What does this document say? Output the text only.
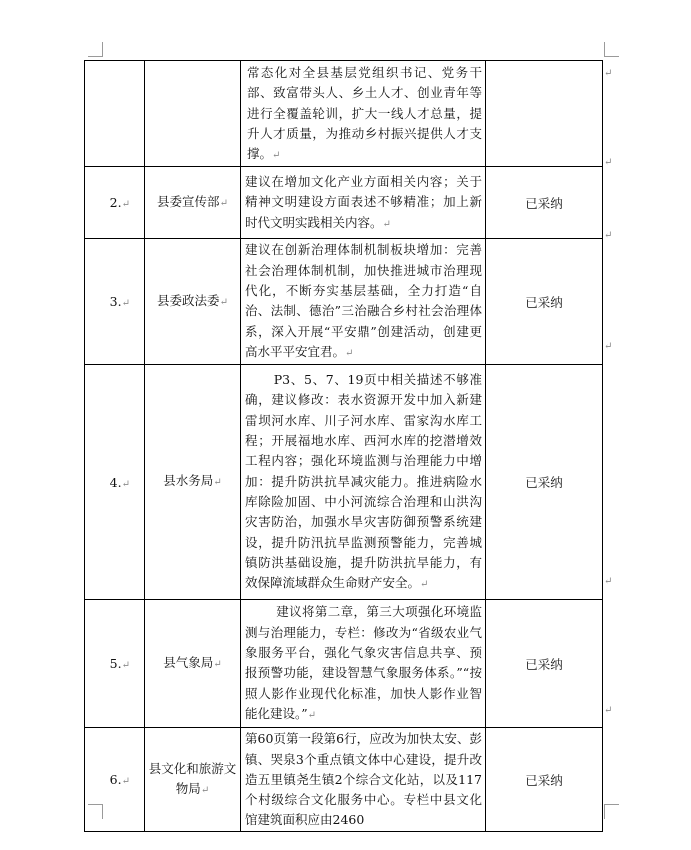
		常态化对全县基层党组织书记、党务干部、致富带头人、乡土人才、创业青年等进行全覆盖轮训，扩大一线人才总量，提升人才质量，为推动乡村振兴提供人才支撑。↵	
2.↵	县委宣传部↵	建议在增加文化产业方面相关内容；关于精神文明建设方面表述不够精准；加上新时代文明实践相关内容。↵	已采纳
3.↵	县委政法委↵	建议在创新治理体制机制板块增加：完善社会治理体制机制，加快推进城市治理现代化，不断夯实基层基础，全力打造“自治、法制、德治”三治融合乡村社会治理体系，深入开展“平安鼎”创建活动，创建更高水平平安宜君。↵	已采纳
4.↵	县水务局↵	P3、5、7、19页中相关描述不够准确，建议修改：表水资源开发中加入新建雷坝河水库、川子河水库、雷家沟水库工程；开展福地水库、西河水库的挖潜增效工程内容；强化环境监测与治理能力中增加：提升防洪抗旱减灾能力。推进病险水库除险加固、中小河流综合治理和山洪沟灾害防治，加强水旱灾害防御预警系统建设，提升防汛抗旱监测预警能力，完善城镇防洪基础设施，提升防洪抗旱能力，有效保障流域群众生命财产安全。↵	已采纳
5.↵	县气象局↵	建议将第二章，第三大项强化环境监测与治理能力，专栏：修改为“省级农业气象服务平台，强化气象灾害信息共享、预报预警功能，建设智慧气象服务体系。”“按照人影作业现代化标准，加快人影作业智能化建设。”↵	已采纳
6.↵	县文化和旅游文物局↵	第60页第一段第6行，应改为加快太安、彭镇、哭泉3个重点镇文体中心建设，提升改造五里镇尧生镇2个综合文化站，以及117个村级综合文化服务中心。专栏中县文化馆建筑面积应由2460	已采纳
↵
↵
↵
↵
↵
↵
